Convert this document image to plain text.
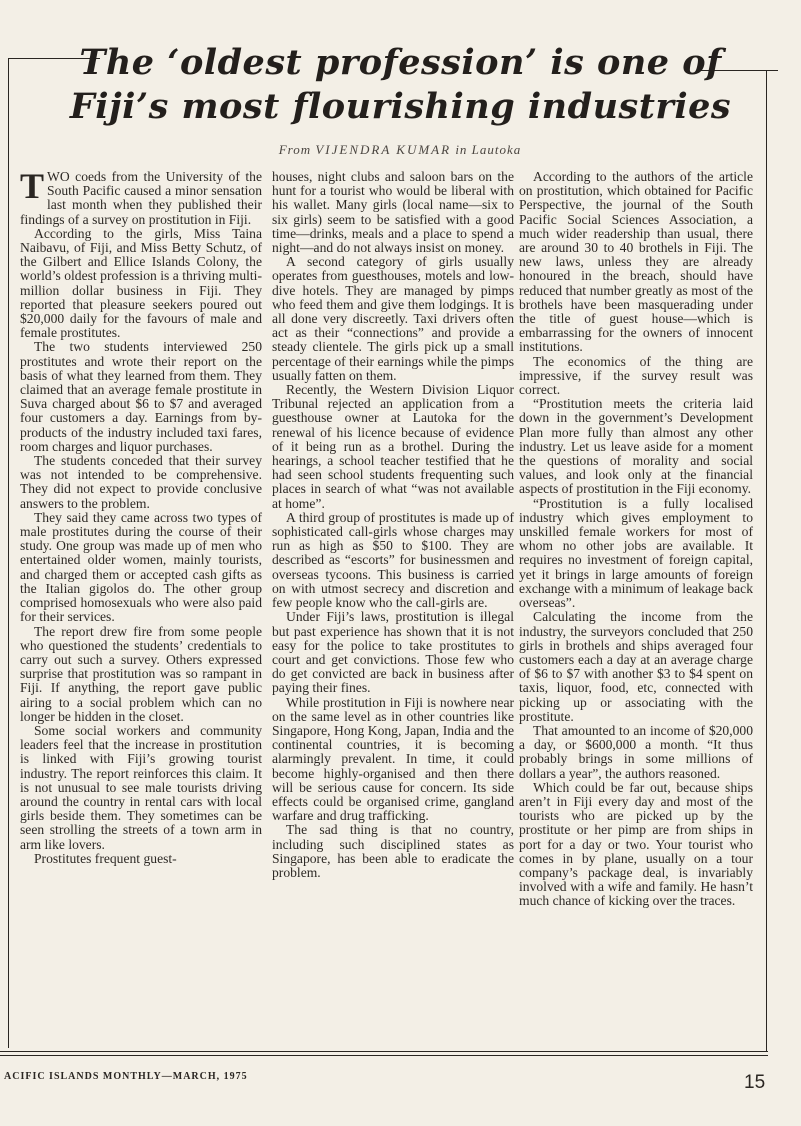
The ‘oldest profession’ is one of
Fiji’s most flourishing industries
From VIJENDRA KUMAR in Lautoka

TWO coeds from the University of the South Pacific caused a minor sensation last month when they published their findings of a survey on prostitution in Fiji.

According to the girls, Miss Taina Naibavu, of Fiji, and Miss Betty Schutz, of the Gilbert and Ellice Islands Colony, the world’s oldest profession is a thriving multi-million dollar business in Fiji. They reported that pleasure seekers poured out $20,000 daily for the favours of male and female prostitutes.

The two students interviewed 250 prostitutes and wrote their report on the basis of what they learned from them. They claimed that an average female prostitute in Suva charged about $6 to $7 and averaged four customers a day. Earnings from by-products of the industry included taxi fares, room charges and liquor purchases.

The students conceded that their survey was not intended to be comprehensive. They did not expect to provide conclusive answers to the problem.

They said they came across two types of male prostitutes during the course of their study. One group was made up of men who entertained older women, mainly tourists, and charged them or accepted cash gifts as the Italian gigolos do. The other group comprised homosexuals who were also paid for their services.

The report drew fire from some people who questioned the students’ credentials to carry out such a survey. Others expressed surprise that prostitution was so rampant in Fiji. If anything, the report gave public airing to a social problem which can no longer be hidden in the closet.

Some social workers and community leaders feel that the increase in prostitution is linked with Fiji’s growing tourist industry. The report reinforces this claim. It is not unusual to see male tourists driving around the country in rental cars with local girls beside them. They sometimes can be seen strolling the streets of a town arm in arm like lovers.

Prostitutes frequent guest-

houses, night clubs and saloon bars on the hunt for a tourist who would be liberal with his wallet. Many girls (local name—six to six girls) seem to be satisfied with a good time—drinks, meals and a place to spend a night—and do not always insist on money.

A second category of girls usually operates from guesthouses, motels and low-dive hotels. They are managed by pimps who feed them and give them lodgings. It is all done very discreetly. Taxi drivers often act as their “connections” and provide a steady clientele. The girls pick up a small percentage of their earnings while the pimps usually fatten on them.

Recently, the Western Division Liquor Tribunal rejected an application from a guesthouse owner at Lautoka for the renewal of his licence because of evidence of it being run as a brothel. During the hearings, a school teacher testified that he had seen school students frequenting such places in search of what “was not available at home”.

A third group of prostitutes is made up of sophisticated call-girls whose charges may run as high as $50 to $100. They are described as “escorts” for businessmen and overseas tycoons. This business is carried on with utmost secrecy and discretion and few people know who the call-girls are.

Under Fiji’s laws, prostitution is illegal but past experience has shown that it is not easy for the police to take prostitutes to court and get convictions. Those few who do get convicted are back in business after paying their fines.

While prostitution in Fiji is nowhere near on the same level as in other countries like Singapore, Hong Kong, Japan, India and the continental countries, it is becoming alarmingly prevalent. In time, it could become highly-organised and then there will be serious cause for concern. Its side effects could be organised crime, gangland warfare and drug trafficking.

The sad thing is that no country, including such disciplined states as Singapore, has been able to eradicate the problem.

According to the authors of the article on prostitution, which obtained for Pacific Perspective, the journal of the South Pacific Social Sciences Association, a much wider readership than usual, there are around 30 to 40 brothels in Fiji. The new laws, unless they are already honoured in the breach, should have reduced that number greatly as most of the brothels have been masquerading under the title of guest house—which is embarrassing for the owners of innocent institutions.

The economics of the thing are impressive, if the survey result was correct.

“Prostitution meets the criteria laid down in the government’s Development Plan more fully than almost any other industry. Let us leave aside for a moment the questions of morality and social values, and look only at the financial aspects of prostitution in the Fiji economy.

“Prostitution is a fully localised industry which gives employment to unskilled female workers for most of whom no other jobs are available. It requires no investment of foreign capital, yet it brings in large amounts of foreign exchange with a minimum of leakage back overseas”.

Calculating the income from the industry, the surveyors concluded that 250 girls in brothels and ships averaged four customers each a day at an average charge of $6 to $7 with another $3 to $4 spent on taxis, liquor, food, etc, connected with picking up or associating with the prostitute.

That amounted to an income of $20,000 a day, or $600,000 a month. “It thus probably brings in some millions of dollars a year”, the authors reasoned.

Which could be far out, because ships aren’t in Fiji every day and most of the tourists who are picked up by the prostitute or her pimp are from ships in port for a day or two. Your tourist who comes in by plane, usually on a tour company’s package deal, is invariably involved with a wife and family. He hasn’t much chance of kicking over the traces.

ACIFIC ISLANDS MONTHLY—MARCH, 1975	15
